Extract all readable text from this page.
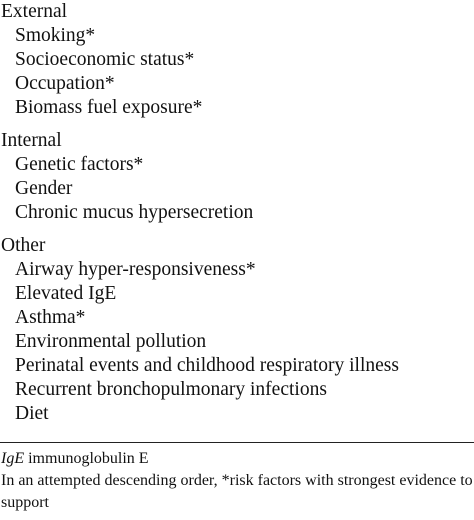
External
Smoking*
Socioeconomic status*
Occupation*
Biomass fuel exposure*
Internal
Genetic factors*
Gender
Chronic mucus hypersecretion
Other
Airway hyper-responsiveness*
Elevated IgE
Asthma*
Environmental pollution
Perinatal events and childhood respiratory illness
Recurrent bronchopulmonary infections
Diet
IgE immunoglobulin E
In an attempted descending order, *risk factors with strongest evidence to support
